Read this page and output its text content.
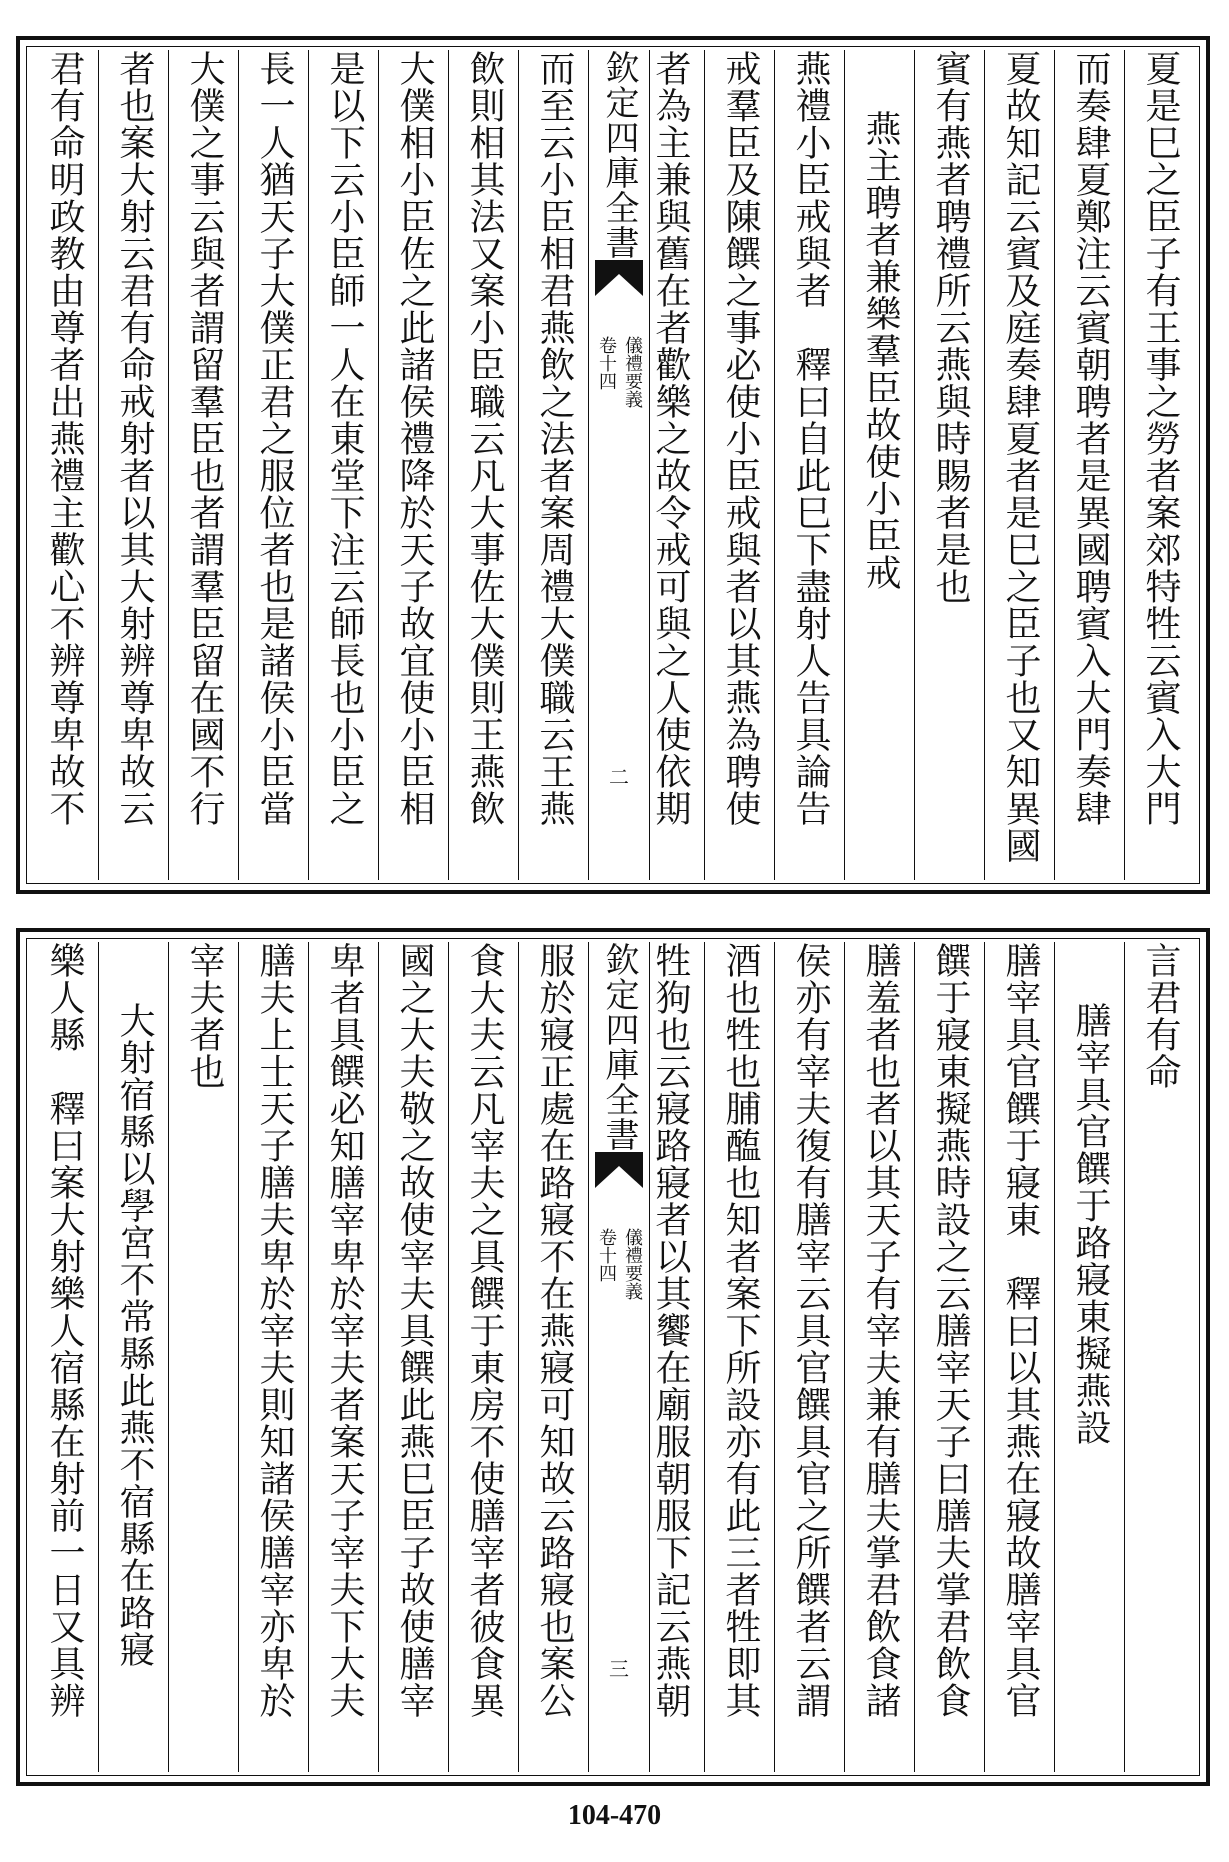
欽定四庫全書
儀禮要義
卷十四
二	夏是巳之臣子有王事之勞者案郊特牲云賓入大門
而奏肆夏鄭注云賓朝聘者是異國聘賓入大門奏肆
夏故知記云賓及庭奏肆夏者是巳之臣子也又知異國
賓有燕者聘禮所云燕與時賜者是也
燕主聘者兼樂羣臣故使小臣戒
燕禮小臣戒與者　釋曰自此巳下盡射人告具論告
戒羣臣及陳饌之事必使小臣戒與者以其燕為聘使
者為主兼與舊在者歡樂之故令戒可與之人使依期
而至云小臣相君燕飲之法者案周禮大僕職云王燕
飲則相其法又案小臣職云凡大事佐大僕則王燕飲
大僕相小臣佐之此諸侯禮降於天子故宜使小臣相
是以下云小臣師一人在東堂下注云師長也小臣之
長一人猶天子大僕正君之服位者也是諸侯小臣當
大僕之事云與者謂留羣臣也者謂羣臣留在國不行
者也案大射云君有命戒射者以其大射辨尊卑故云
君有命明政教由尊者出燕禮主歡心不辨尊卑故不
欽定四庫全書
儀禮要義
卷十四
三
言君有命
膳宰具官饌于路寢東擬燕設
膳宰具官饌于寢東　釋曰以其燕在寢故膳宰具官
饌于寢東擬燕時設之云膳宰天子曰膳夫掌君飲食
膳羞者也者以其天子有宰夫兼有膳夫掌君飲食諸
侯亦有宰夫復有膳宰云具官饌具官之所饌者云謂
酒也牲也脯醢也知者案下所設亦有此三者牲即其
牲狗也云寢路寢者以其饗在廟服朝服下記云燕朝
服於寢正處在路寢不在燕寢可知故云路寢也案公
食大夫云凡宰夫之具饌于東房不使膳宰者彼食異
國之大夫敬之故使宰夫具饌此燕巳臣子故使膳宰
卑者具饌必知膳宰卑於宰夫者案天子宰夫下大夫
膳夫上士天子膳夫卑於宰夫則知諸侯膳宰亦卑於
宰夫者也
大射宿縣以學宮不常縣此燕不宿縣在路寢
樂人縣　釋曰案大射樂人宿縣在射前一日又具辨
104-470
